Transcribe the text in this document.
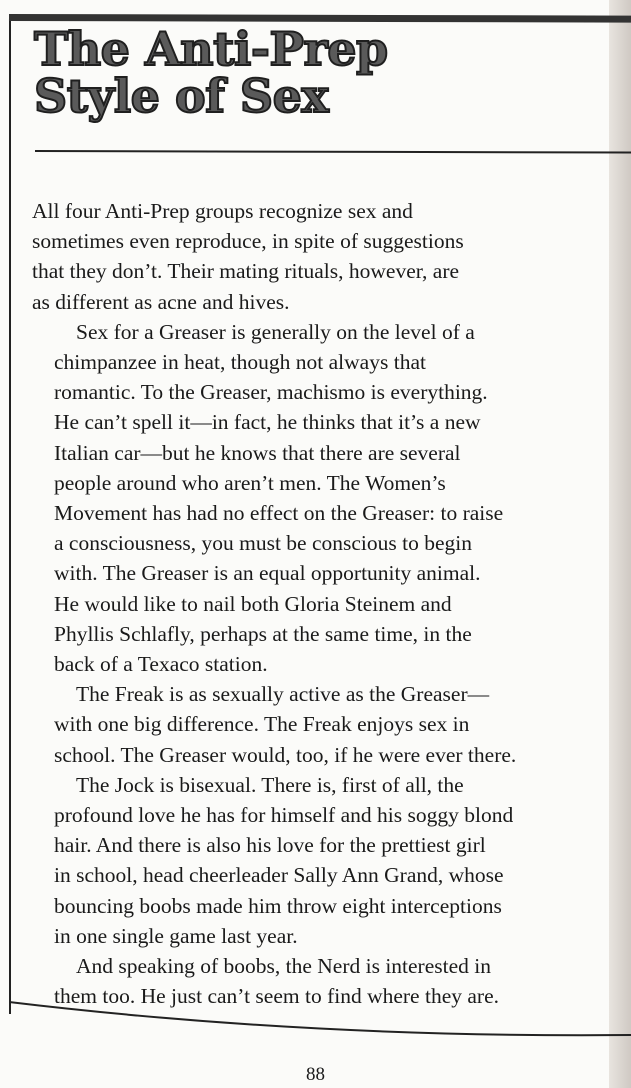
The Anti-Prep
Style of Sex

All four Anti-Prep groups recognize sex and
sometimes even reproduce, in spite of suggestions
that they don’t. Their mating rituals, however, are
as different as acne and hives.

Sex for a Greaser is generally on the level of a
chimpanzee in heat, though not always that
romantic. To the Greaser, machismo is everything.
He can’t spell it—in fact, he thinks that it’s a new
Italian car—but he knows that there are several
people around who aren’t men. The Women’s
Movement has had no effect on the Greaser: to raise
a consciousness, you must be conscious to begin
with. The Greaser is an equal opportunity animal.
He would like to nail both Gloria Steinem and
Phyllis Schlafly, perhaps at the same time, in the
back of a Texaco station.

The Freak is as sexually active as the Greaser—
with one big difference. The Freak enjoys sex in
school. The Greaser would, too, if he were ever there.

The Jock is bisexual. There is, first of all, the
profound love he has for himself and his soggy blond
hair. And there is also his love for the prettiest girl
in school, head cheerleader Sally Ann Grand, whose
bouncing boobs made him throw eight interceptions
in one single game last year.

And speaking of boobs, the Nerd is interested in
them too. He just can’t seem to find where they are.

88
